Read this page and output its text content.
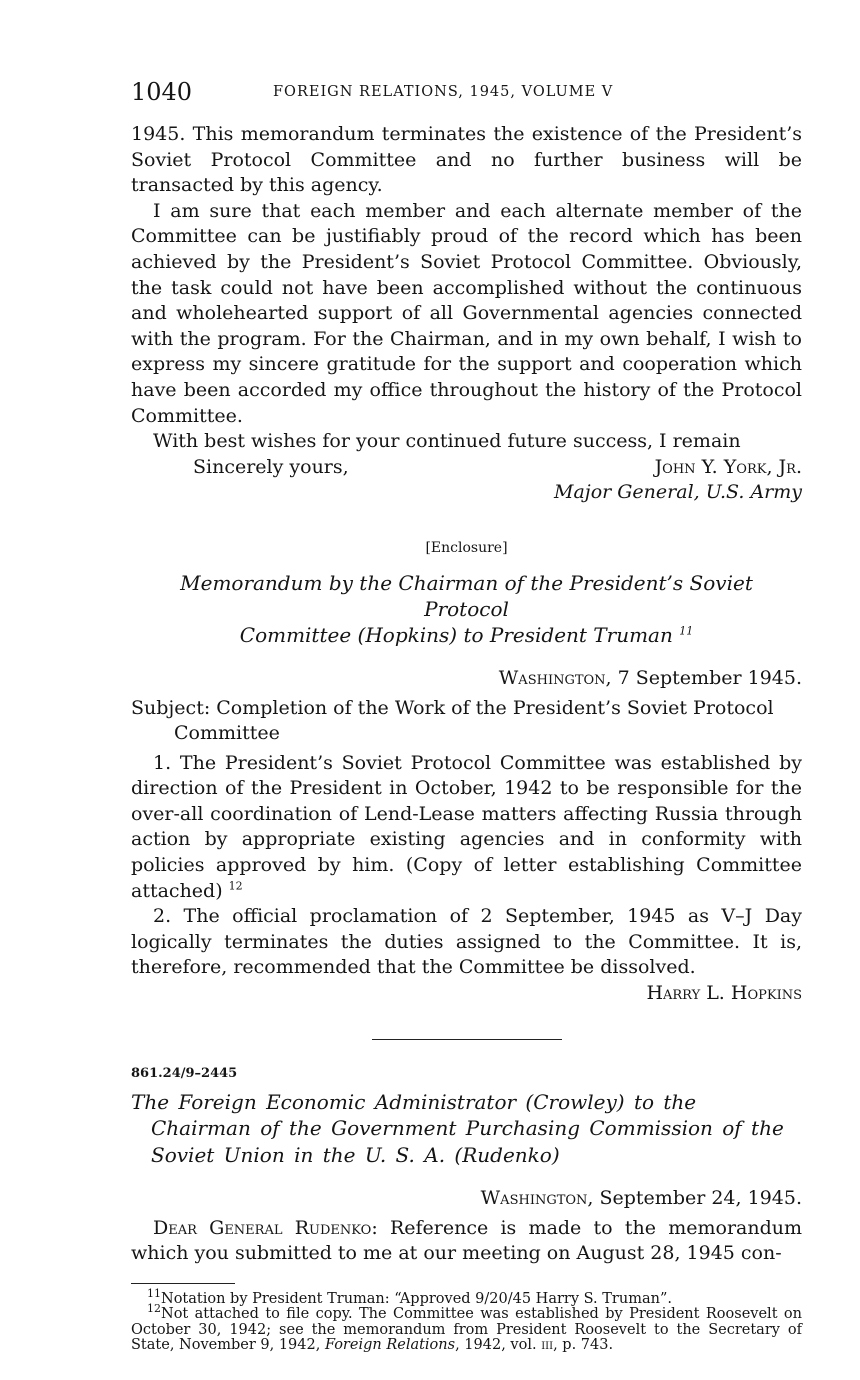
1040	FOREIGN RELATIONS, 1945, VOLUME V

1945. This memorandum terminates the existence of the President’s Soviet Protocol Committee and no further business will be transacted by this agency.

I am sure that each member and each alternate member of the Committee can be justifiably proud of the record which has been achieved by the President’s Soviet Protocol Committee. Obviously, the task could not have been accomplished without the continuous and wholehearted support of all Governmental agencies connected with the program. For the Chairman, and in my own behalf, I wish to express my sincere gratitude for the support and cooperation which have been accorded my office throughout the history of the Protocol Committee.

With best wishes for your continued future success, I remain

Sincerely yours,	John Y. York, Jr.
Major General, U.S. Army
[Enclosure]
Memorandum by the Chairman of the President’s Soviet Protocol
Committee (Hopkins) to President Truman $^{11}$
Washington, 7 September 1945.

Subject: Completion of the Work of the President’s Soviet Protocol Committee

1. The President’s Soviet Protocol Committee was established by direction of the President in October, 1942 to be responsible for the over-all coordination of Lend-Lease matters affecting Russia through action by appropriate existing agencies and in conformity with policies approved by him. (Copy of letter establishing Committee attached) $^{12}$

2. The official proclamation of 2 September, 1945 as V–J Day logically terminates the duties assigned to the Committee. It is, therefore, recommended that the Committee be dissolved.

Harry L. Hopkins
861.24/9–2445

The Foreign Economic Administrator (Crowley) to the Chairman of the Government Purchasing Commission of the Soviet Union in the U. S. A. (Rudenko)

Washington, September 24, 1945.

Dear General Rudenko: Reference is made to the memorandum which you submitted to me at our meeting on August 28, 1945 con-

$^{11}$Notation by President Truman: “Approved 9/20/45 Harry S. Truman”.

$^{12}$Not attached to file copy. The Committee was established by President Roosevelt on October 30, 1942; see the memorandum from President Roosevelt to the Secretary of State, November 9, 1942, Foreign Relations, 1942, vol. iii, p. 743.
